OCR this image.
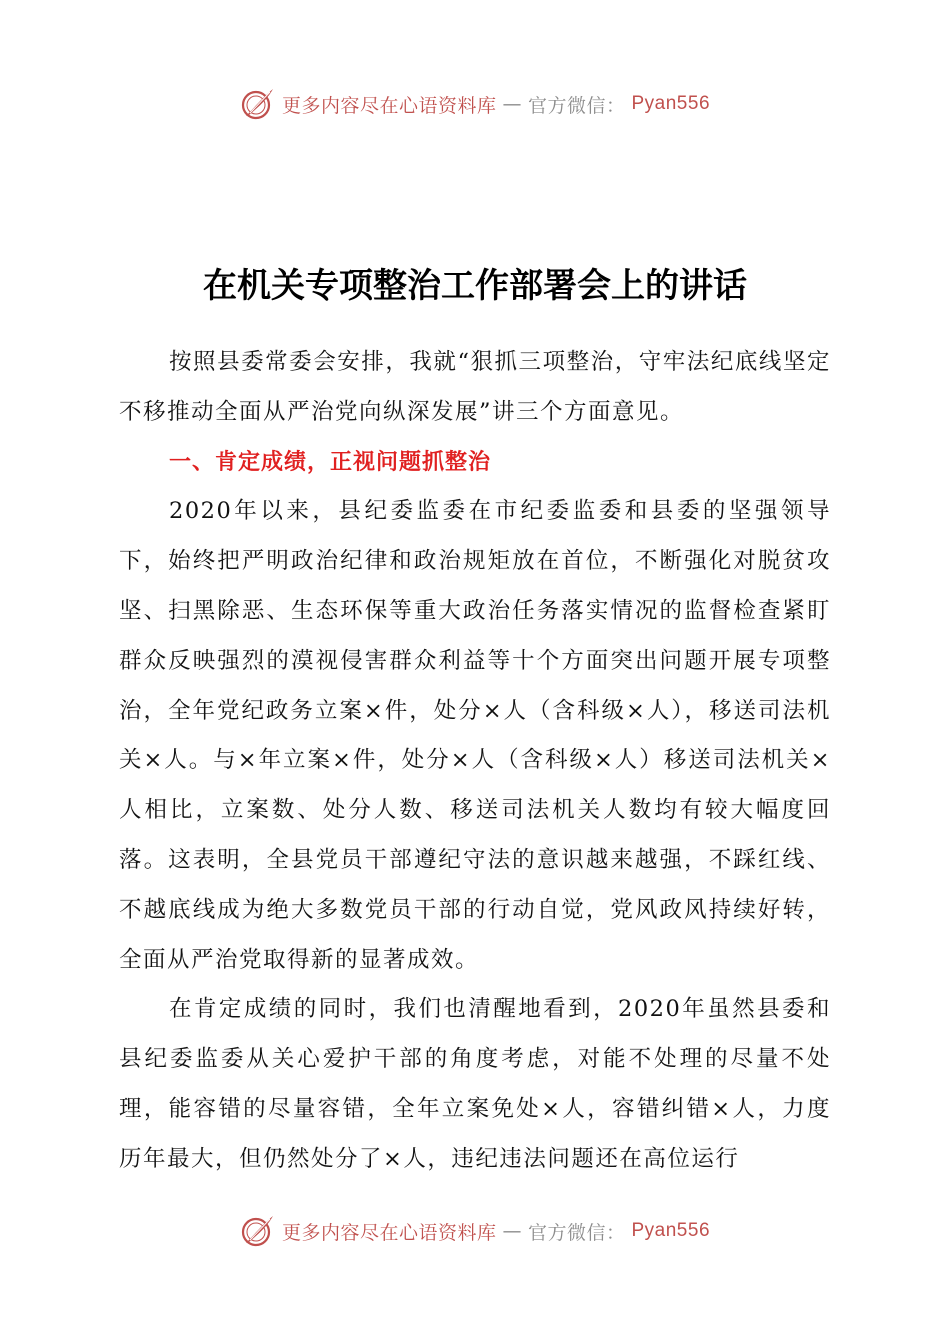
更多内容尽在心语资料库 — 官方微信： Pyan556
在机关专项整治工作部署会上的讲话

按照县委常委会安排，我就“狠抓三项整治，守牢法纪底线坚定不移推动全面从严治党向纵深发展”讲三个方面意见。

一、肯定成绩，正视问题抓整治

2020年以来，县纪委监委在市纪委监委和县委的坚强领导下，始终把严明政治纪律和政治规矩放在首位，不断强化对脱贫攻坚、扫黑除恶、生态环保等重大政治任务落实情况的监督检查紧盯群众反映强烈的漠视侵害群众利益等十个方面突出问题开展专项整治，全年党纪政务立案×件，处分×人（含科级×人），移送司法机关×人。与×年立案×件，处分×人（含科级×人）移送司法机关×人相比，立案数、处分人数、移送司法机关人数均有较大幅度回落。这表明，全县党员干部遵纪守法的意识越来越强，不踩红线、不越底线成为绝大多数党员干部的行动自觉，党风政风持续好转，全面从严治党取得新的显著成效。

在肯定成绩的同时，我们也清醒地看到，2020年虽然县委和县纪委监委从关心爱护干部的角度考虑，对能不处理的尽量不处理，能容错的尽量容错，全年立案免处×人，容错纠错×人，力度历年最大，但仍然处分了×人，违纪违法问题还在高位运行

更多内容尽在心语资料库 — 官方微信： Pyan556
